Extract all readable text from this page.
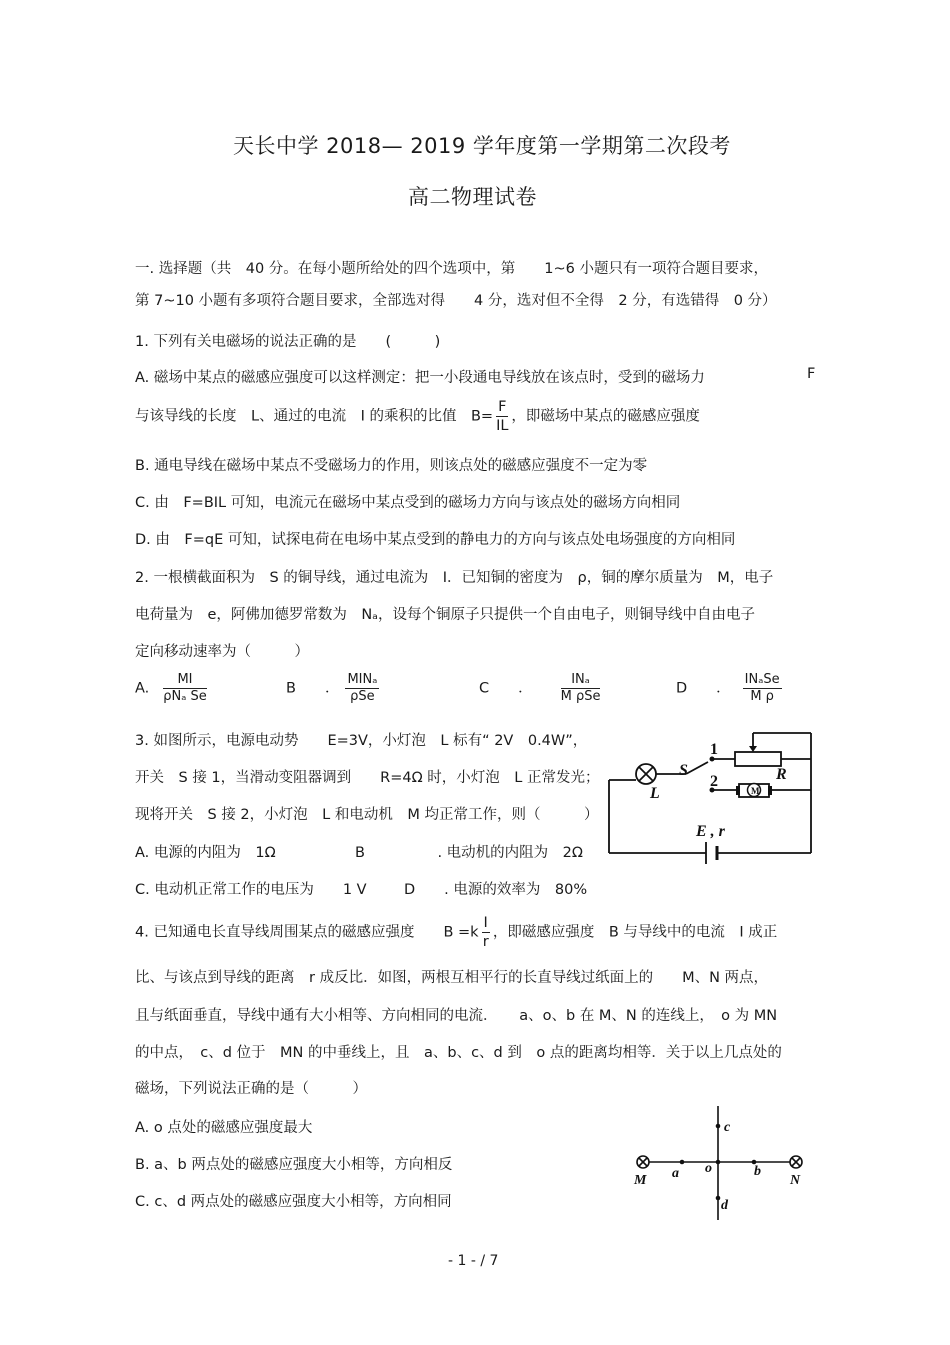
天长中学 2018— 2019 学年度第一学期第二次段考
高二物理试卷
一. 选择题（共　40 分。在每小题所给处的四个选项中，第　　1~6 小题只有一项符合题目要求，
第 7~10 小题有多项符合题目要求，全部选对得　　4 分，选对但不全得　2 分，有选错得　0 分）
1. 下列有关电磁场的说法正确的是　　(　　　)
A. 磁场中某点的磁感应强度可以这样测定：把一小段通电导线放在该点时，受到的磁场力	F
与该导线的长度　L、通过的电流　I 的乘积的比值　$B= \frac{F}{IL}$ ，即磁场中某点的磁感应强度
B. 通电导线在磁场中某点不受磁场力的作用，则该点处的磁感应强度不一定为零
C. 由　F=BIL 可知，电流元在磁场中某点受到的磁场力方向与该点处的磁场方向相同
D. 由　F=qE 可知，试探电荷在电场中某点受到的静电力的方向与该点处电场强度的方向相同
2. 一根横截面积为　S 的铜导线，通过电流为　I．已知铜的密度为　ρ，铜的摩尔质量为　M，电子
电荷量为　e，阿佛加德罗常数为　Nₐ，设每个铜原子只提供一个自由电子，则铜导线中自由电子
定向移动速率为（　　　）
A. $\frac{MI}{\text{ρNₐ Se}}$	B　　． $\frac{\text{MINₐ}}{\text{ρSe}}$	C　　． $\frac{\text{INₐ}}{\text{M ρSe}}$	D　　． $\frac{\text{INₐSe}}{\text{M ρ}}$
3. 如图所示，电源电动势　　E=3V，小灯泡　L 标有“ 2V　0.4W”，
开关　S 接 1，当滑动变阻器调到　　R=4Ω 时，小灯泡　L 正常发光；
现将开关　S 接 2，小灯泡　L 和电动机　M 均正常工作，则（　　　）
A. 电源的内阻为　1Ω	B　　　　　. 电动机的内阻为　2Ω
C. 电动机正常工作的电压为　　1 V	D　　. 电源的效率为　80%
1
2
S	R
L
E , r
M
4. 已知通电长直导线周围某点的磁感应强度　　$B =k \frac{I}{r}$ ，即磁感应强度　B 与导线中的电流　I 成正
比、与该点到导线的距离　r 成反比．如图，两根互相平行的长直导线过纸面上的　　M、N 两点，
且与纸面垂直，导线中通有大小相等、方向相同的电流．　　a、o、b 在 M、N 的连线上，　o 为 MN
的中点，　c、d 位于　MN 的中垂线上，且　a、b、c、d 到　o 点的距离均相等．关于以上几点处的
磁场，下列说法正确的是（　　　）
A. o 点处的磁感应强度最大
B. a、b 两点处的磁感应强度大小相等，方向相反
C. c、d 两点处的磁感应强度大小相等，方向相同
c
d
a o	b
M	N
- 1 - / 7
